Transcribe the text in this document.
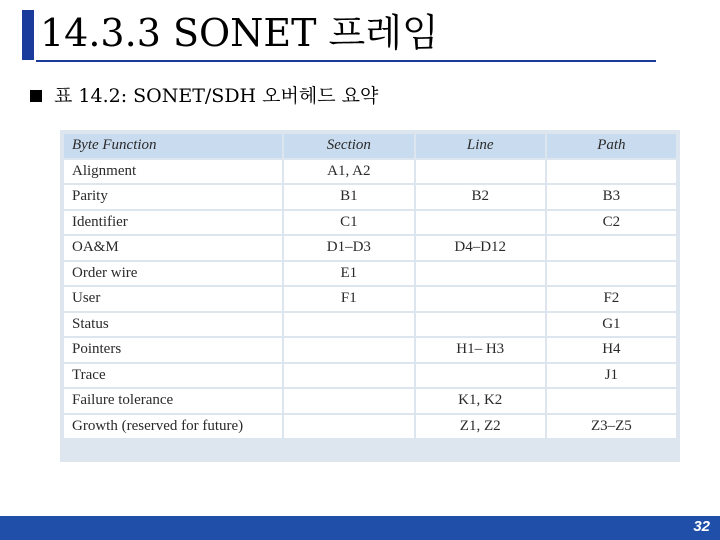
14.3.3 SONET 프레임
표 14.2: SONET/SDH 오버헤드 요약
Byte Function	Section	Line	Path
Alignment	A1, A2		
Parity	B1	B2	B3
Identifier	C1		C2
OA&M	D1–D3	D4–D12	
Order wire	E1		
User	F1		F2
Status			G1
Pointers		H1– H3	H4
Trace			J1
Failure tolerance		K1, K2	
Growth (reserved for future)		Z1, Z2	Z3–Z5
32
